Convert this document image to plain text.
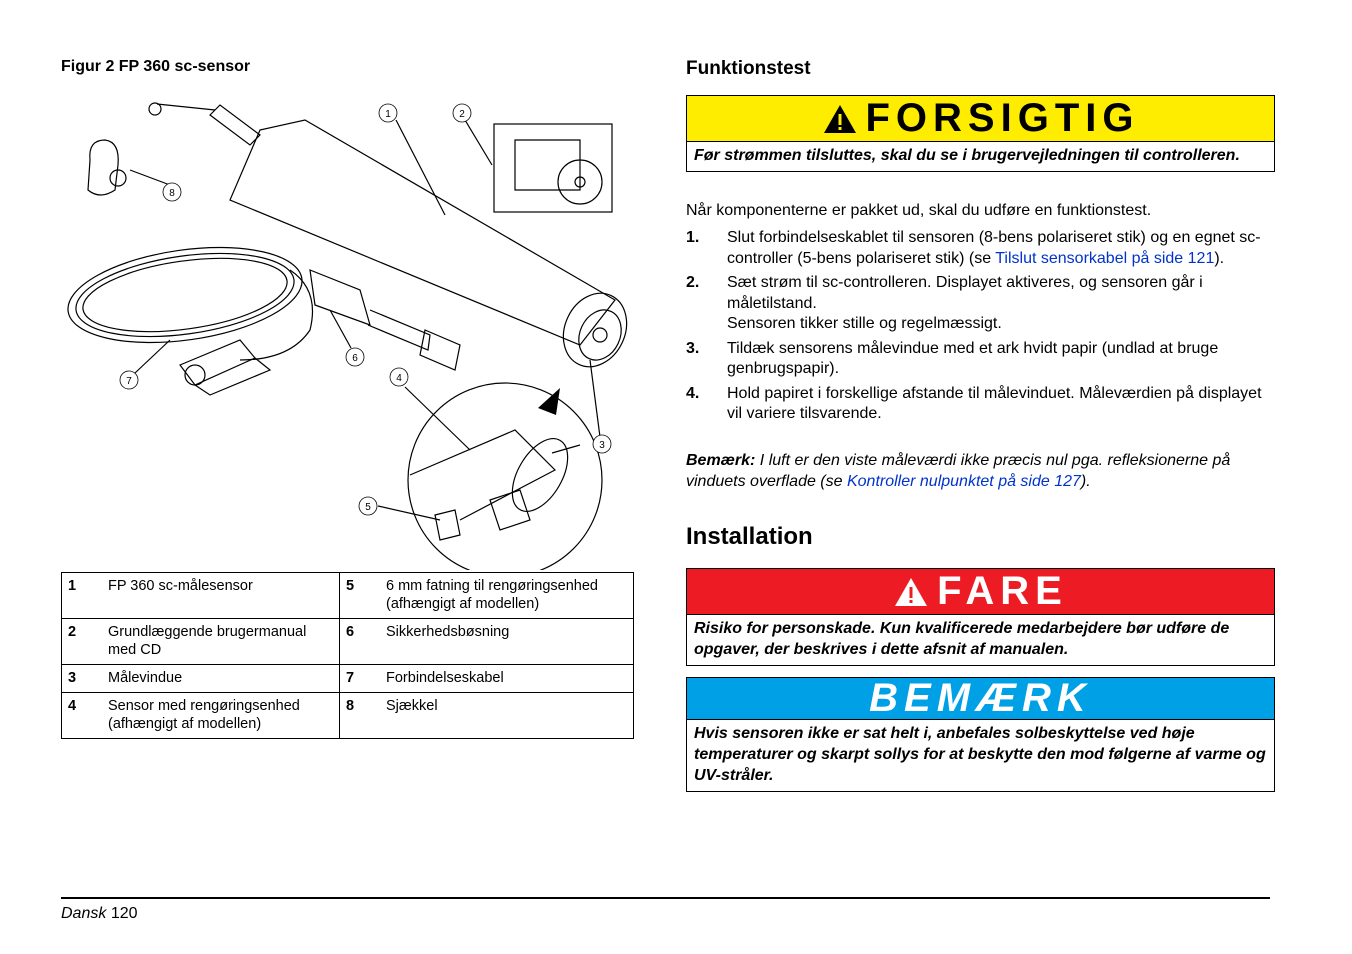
Figur 2 FP 360 sc-sensor
1	2
3
4
5
6
7
8
1	FP 360 sc-målesensor	5	6 mm fatning til rengøringsenhed (afhængigt af modellen)
2	Grundlæggende brugermanual med CD	6	Sikkerhedsbøsning
3	Målevindue	7	Forbindelseskabel
4	Sensor med rengøringsenhed (afhængigt af modellen)	8	Sjækkel
Funktionstest
FORSIGTIG
Før strømmen tilsluttes, skal du se i brugervejledningen til controlleren.
Når komponenterne er pakket ud, skal du udføre en funktionstest.
1. Slut forbindelseskablet til sensoren (8-bens polariseret stik) og en egnet sc-controller (5-bens polariseret stik) (se Tilslut sensorkabel på side 121).
2. Sæt strøm til sc-controlleren. Displayet aktiveres, og sensoren går i måletilstand.
Sensoren tikker stille og regelmæssigt.
3. Tildæk sensorens målevindue med et ark hvidt papir (undlad at bruge genbrugspapir).
4. Hold papiret i forskellige afstande til målevinduet. Måleværdien på displayet vil variere tilsvarende.
Bemærk: I luft er den viste måleværdi ikke præcis nul pga. refleksionerne på vinduets overflade (se Kontroller nulpunktet på side 127).
Installation
FARE
Risiko for personskade. Kun kvalificerede medarbejdere bør udføre de opgaver, der beskrives i dette afsnit af manualen.
BEMÆRK
Hvis sensoren ikke er sat helt i, anbefales solbeskyttelse ved høje temperaturer og skarpt sollys for at beskytte den mod følgerne af varme og UV-stråler.
Dansk 120
